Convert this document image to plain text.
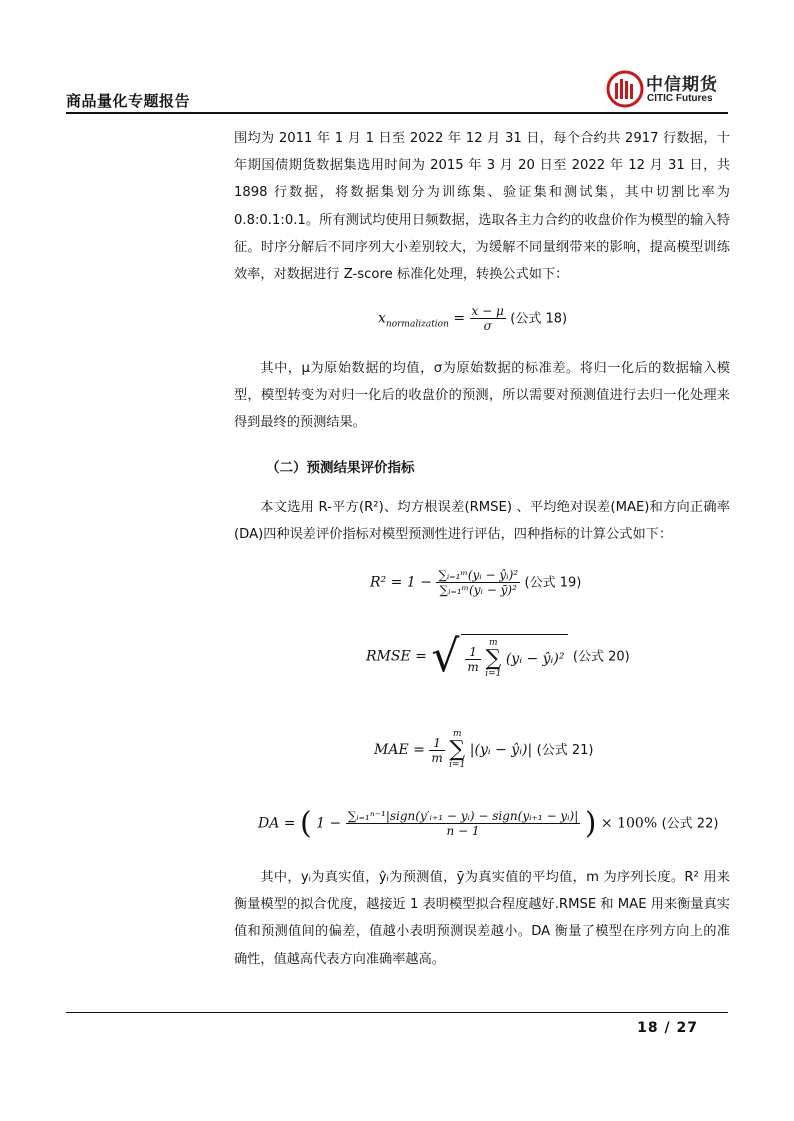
商品量化专题报告
中信期货
CITIC Futures
围均为 2011 年 1 月 1 日至 2022 年 12 月 31 日，每个合约共 2917 行数据，十年期国债期货数据集选用时间为 2015 年 3 月 20 日至 2022 年 12 月 31 日，共 1898 行数据，将数据集划分为训练集、验证集和测试集，其中切割比率为 0.8:0.1:0.1。所有测试均使用日频数据，选取各主力合约的收盘价作为模型的输入特征。时序分解后不同序列大小差别较大，为缓解不同量纲带来的影响，提高模型训练效率，对数据进行 Z-score 标准化处理，转换公式如下：
$x_{normalization} = \frac{x - \mu}{\sigma}$ (公式 18)
其中，μ为原始数据的均值，σ为原始数据的标准差。将归一化后的数据输入模型，模型转变为对归一化后的收盘价的预测，所以需要对预测值进行去归一化处理来得到最终的预测结果。
（二）预测结果评价指标
本文选用 R-平方(R²)、均方根误差(RMSE) 、平均绝对误差(MAE)和方向正确率(DA)四种误差评价指标对模型预测性进行评估，四种指标的计算公式如下：
$R^2 = 1 - \frac{\text{∑ᵢ₌₁ᵐ(yᵢ − ŷᵢ)²}}{\text{∑ᵢ₌₁ᵐ(yᵢ − ȳ)²}}$ (公式 19)
RMSE = √ $\frac{1}{m}$

m
∑
i=1
(yᵢ − ŷᵢ)² (公式 20)
MAE = $\frac{1}{m}$

m
∑
i=1
|(yᵢ − ŷᵢ)| (公式 21)
DA = ( $1 - \frac{\text{∑ᵢ₌₁ⁿ⁻¹|sign(y′ᵢ₊₁ − yᵢ) − sign(yᵢ₊₁ − yᵢ)|}}{n - 1}$ ) × 100% (公式 22)
其中，yᵢ为真实值，ŷᵢ为预测值，ȳ为真实值的平均值，m 为序列长度。R² 用来衡量模型的拟合优度，越接近 1 表明模型拟合程度越好.RMSE 和 MAE 用来衡量真实值和预测值间的偏差，值越小表明预测误差越小。DA 衡量了模型在序列方向上的准确性，值越高代表方向准确率越高。
18 / 27
